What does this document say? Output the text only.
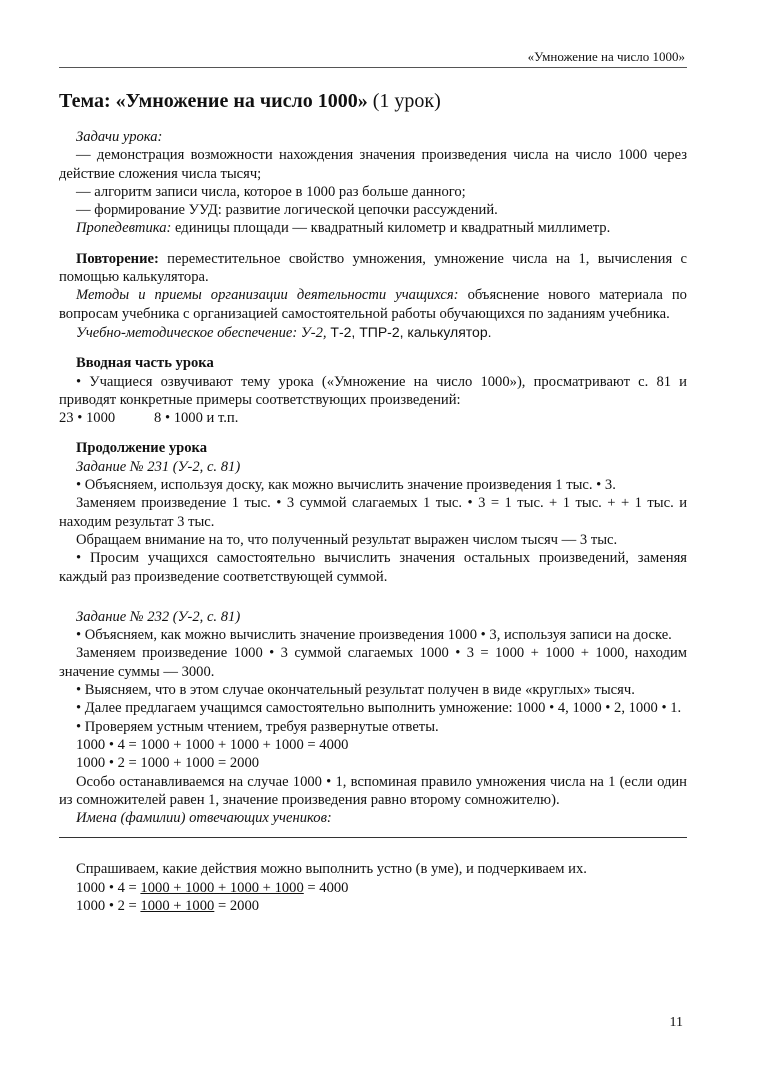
«Умножение на число 1000»
Тема: «Умножение на число 1000» (1 урок)

Задачи урока:

— демонстрация возможности нахождения значения произведения числа на число 1000 через действие сложения числа тысяч;

— алгоритм записи числа, которое в 1000 раз больше данного;

— формирование УУД: развитие логической цепочки рассуждений.

Пропедевтика: единицы площади — квадратный километр и квадратный миллиметр.

Повторение: переместительное свойство умножения, умножение числа на 1, вычисления с помощью калькулятора.

Методы и приемы организации деятельности учащихся: объяснение нового материала по вопросам учебника с организацией самостоятельной работы обучающихся по заданиям учебника.

Учебно-методическое обеспечение: У-2, Т-2, ТПР-2, калькулятор.

Вводная часть урока

• Учащиеся озвучивают тему урока («Умножение на число 1000»), просматривают с. 81 и приводят конкретные примеры соответствующих произведений:

23 • 1000	8 • 1000 и т.п.

Продолжение урока

Задание № 231 (У-2, с. 81)

• Объясняем, используя доску, как можно вычислить значение произведения 1 тыс. • 3.

Заменяем произведение 1 тыс. • 3 суммой слагаемых 1 тыс. • 3 = 1 тыс. + 1 тыс. + + 1 тыс. и находим результат 3 тыс.

Обращаем внимание на то, что полученный результат выражен числом тысяч — 3 тыс.

• Просим учащихся самостоятельно вычислить значения остальных произведений, заменяя каждый раз произведение соответствующей суммой.

Задание № 232 (У-2, с. 81)

• Объясняем, как можно вычислить значение произведения 1000 • 3, используя записи на доске.

Заменяем произведение 1000 • 3 суммой слагаемых 1000 • 3 = 1000 + 1000 + 1000, находим значение суммы — 3000.

• Выясняем, что в этом случае окончательный результат получен в виде «круглых» тысяч.

• Далее предлагаем учащимся самостоятельно выполнить умножение: 1000 • 4, 1000 • 2, 1000 • 1.

• Проверяем устным чтением, требуя развернутые ответы.

1000 • 4 = 1000 + 1000 + 1000 + 1000 = 4000

1000 • 2 = 1000 + 1000 = 2000

Особо останавливаемся на случае 1000 • 1, вспоминая правило умножения числа на 1 (если один из сомножителей равен 1, значение произведения равно второму сомножителю).

Имена (фамилии) отвечающих учеников:

Спрашиваем, какие действия можно выполнить устно (в уме), и подчеркиваем их.

1000 • 4 = 1000 + 1000 + 1000 + 1000 = 4000

1000 • 2 = 1000 + 1000 = 2000

11
